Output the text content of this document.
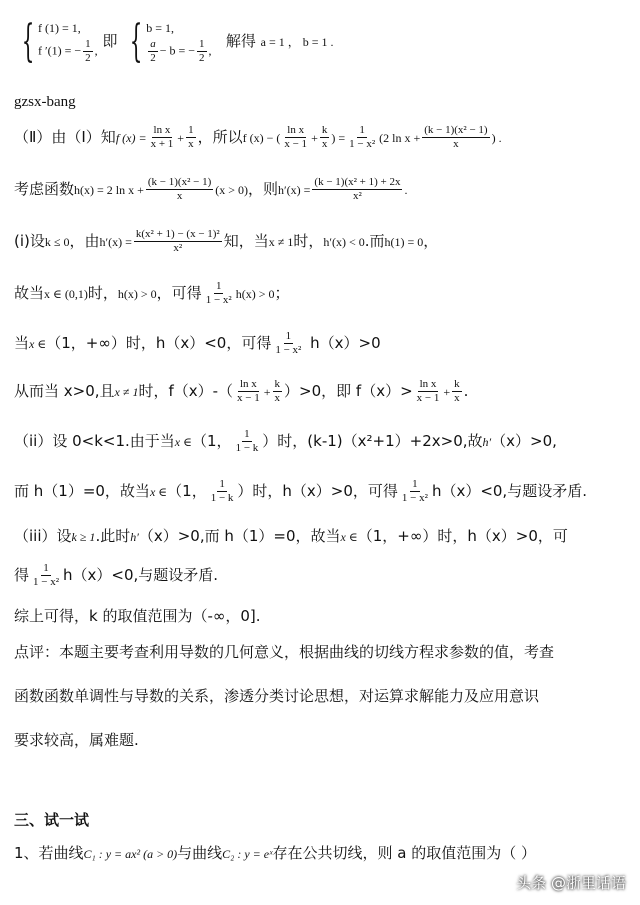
{ f (1) = 1,
f ′(1) = − $\frac{1}{2}$ ,
即 { b = 1,
$\frac{a}{2} - b$ = − $\frac{1}{2}$ ,
解得 a = 1 ， b = 1 .
gzsx-bang
（Ⅱ）由（Ⅰ）知f $(x) = \frac{\text{ln x}}{x + 1} + \frac{1}{x}$ ，所以f (x) − ( $\frac{\text{ln x}}{x - 1} + \frac{k}{x}$ ) = $\frac{1}{\text{1 − x²}} (2$ $\ln x + \frac{\text{(k − 1)(x² − 1)}}{x}$ ) .
考虑函数h(x) = 2 $\ln x + \frac{\text{(k − 1)(x² − 1)}}{x} (x > 0)$，则$h'(x) = \frac{\text{(k − 1)(x² + 1) + 2x}}{\text{x²}}$ .
(i)设k ≤ 0，由$h'(x) = \frac{\text{k(x² + 1) − (x − 1)²}}{\text{x²}}$ 知，当x ≠ 1时，h′(x) < 0.而h(1) = 0，
故当x ∈ (0,1)时，h(x) > 0，可得 $\frac{1}{\text{1 − x²}} h(x) > 0$；
当x ∈（1，+∞）时，h（x）<0，可得 $\frac{1}{\text{1 − x²}} h(x)>0$
从而当 x>0,且x ≠ 1时，$f(x)-( \frac{\text{ln x}}{x - 1} + \frac{k}{x} )>0$，即 $f(x)> \frac{\text{ln x}}{x - 1} + \frac{k}{x}$ .
（ii）设 0<k<1.由于当x ∈（1， $\frac{1}{1 - k}$ ）时，(k-1)（x²+1）+2x>0,故h′（x）>0,
而 h（1）=0，故当x ∈（1， $\frac{1}{1 - k}$ ）时，h（x）>0，可得 $\frac{1}{\text{1 − x²}} h(x)<0$,与题设矛盾.
（iii）设k ≥ 1.此时h′（x）>0,而 h（1）=0，故当x ∈（1，+∞）时，h（x）>0，可
得 $\frac{1}{\text{1 − x²}} h(x)<0$,与题设矛盾.
综上可得，k 的取值范围为（-∞，0].
点评：本题主要考查利用导数的几何意义，根据曲线的切线方程求参数的值，考查
函数函数单调性与导数的关系，渗透分类讨论思想，对运算求解能力及应用意识
要求较高，属难题.
三、试一试
1、若曲线C₁ : y = ax² (a > 0)与曲线C₂ : y = eˣ存在公共切线，则 a 的取值范围为（ ）
头条 @浙里话语
